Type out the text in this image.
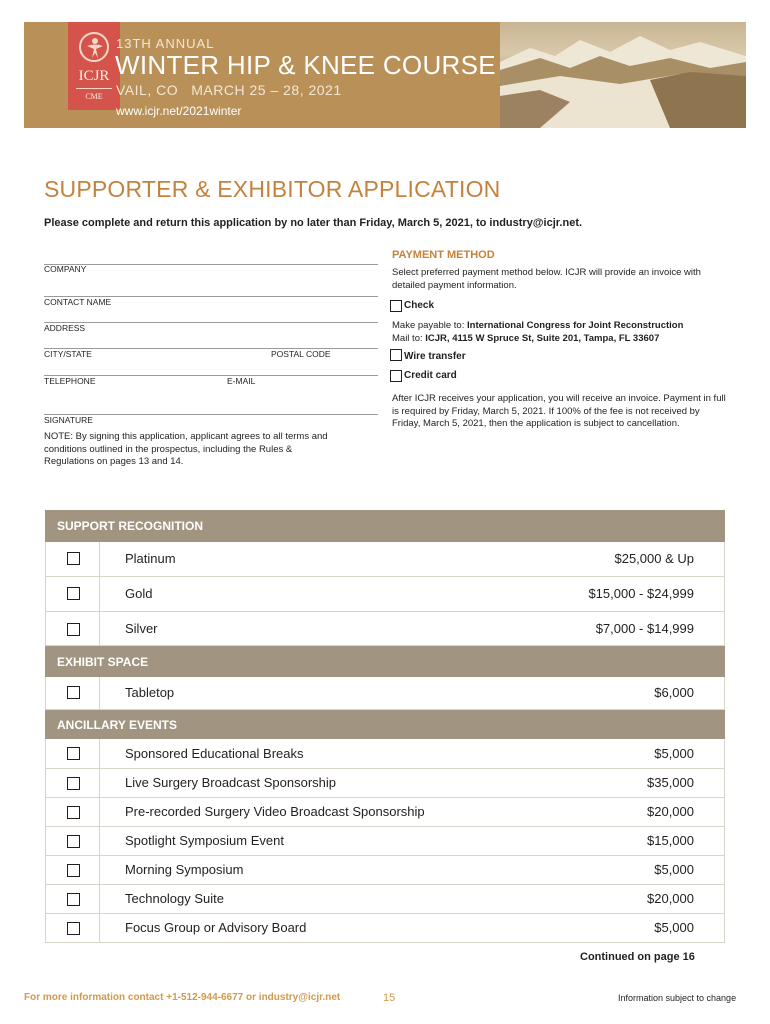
ICJR
CME
13TH ANNUAL
WINTER HIP & KNEE COURSE
VAIL, CO   MARCH 25 – 28, 2021
www.icjr.net/2021winter
SUPPORTER & EXHIBITOR APPLICATION
Please complete and return this application by no later than Friday, March 5, 2021, to industry@icjr.net.
COMPANY
CONTACT NAME
ADDRESS
CITY/STATE	POSTAL CODE
TELEPHONE	E-MAIL
SIGNATURE
NOTE: By signing this application, applicant agrees to all terms and conditions outlined in the prospectus, including the Rules & Regulations on pages 13 and 14.
PAYMENT METHOD
Select preferred payment method below. ICJR will provide an invoice with detailed payment information.
Check
Make payable to: International Congress for Joint Reconstruction
Mail to: ICJR, 4115 W Spruce St, Suite 201, Tampa, FL 33607
Wire transfer
Credit card
After ICJR receives your application, you will receive an invoice. Payment in full is required by Friday, March 5, 2021. If 100% of the fee is not received by Friday, March 5, 2021, then the application is subject to cancellation.
SUPPORT RECOGNITION
Platinum	$25,000 & Up
Gold	$15,000 - $24,999
Silver	$7,000 - $14,999
EXHIBIT SPACE
Tabletop	$6,000
ANCILLARY EVENTS
Sponsored Educational Breaks	$5,000
Live Surgery Broadcast Sponsorship	$35,000
Pre-recorded Surgery Video Broadcast Sponsorship	$20,000
Spotlight Symposium Event	$15,000
Morning Symposium	$5,000
Technology Suite	$20,000
Focus Group or Advisory Board	$5,000
Continued on page 16
For more information contact +1-512-944-6677 or industry@icjr.net	15	Information subject to change
